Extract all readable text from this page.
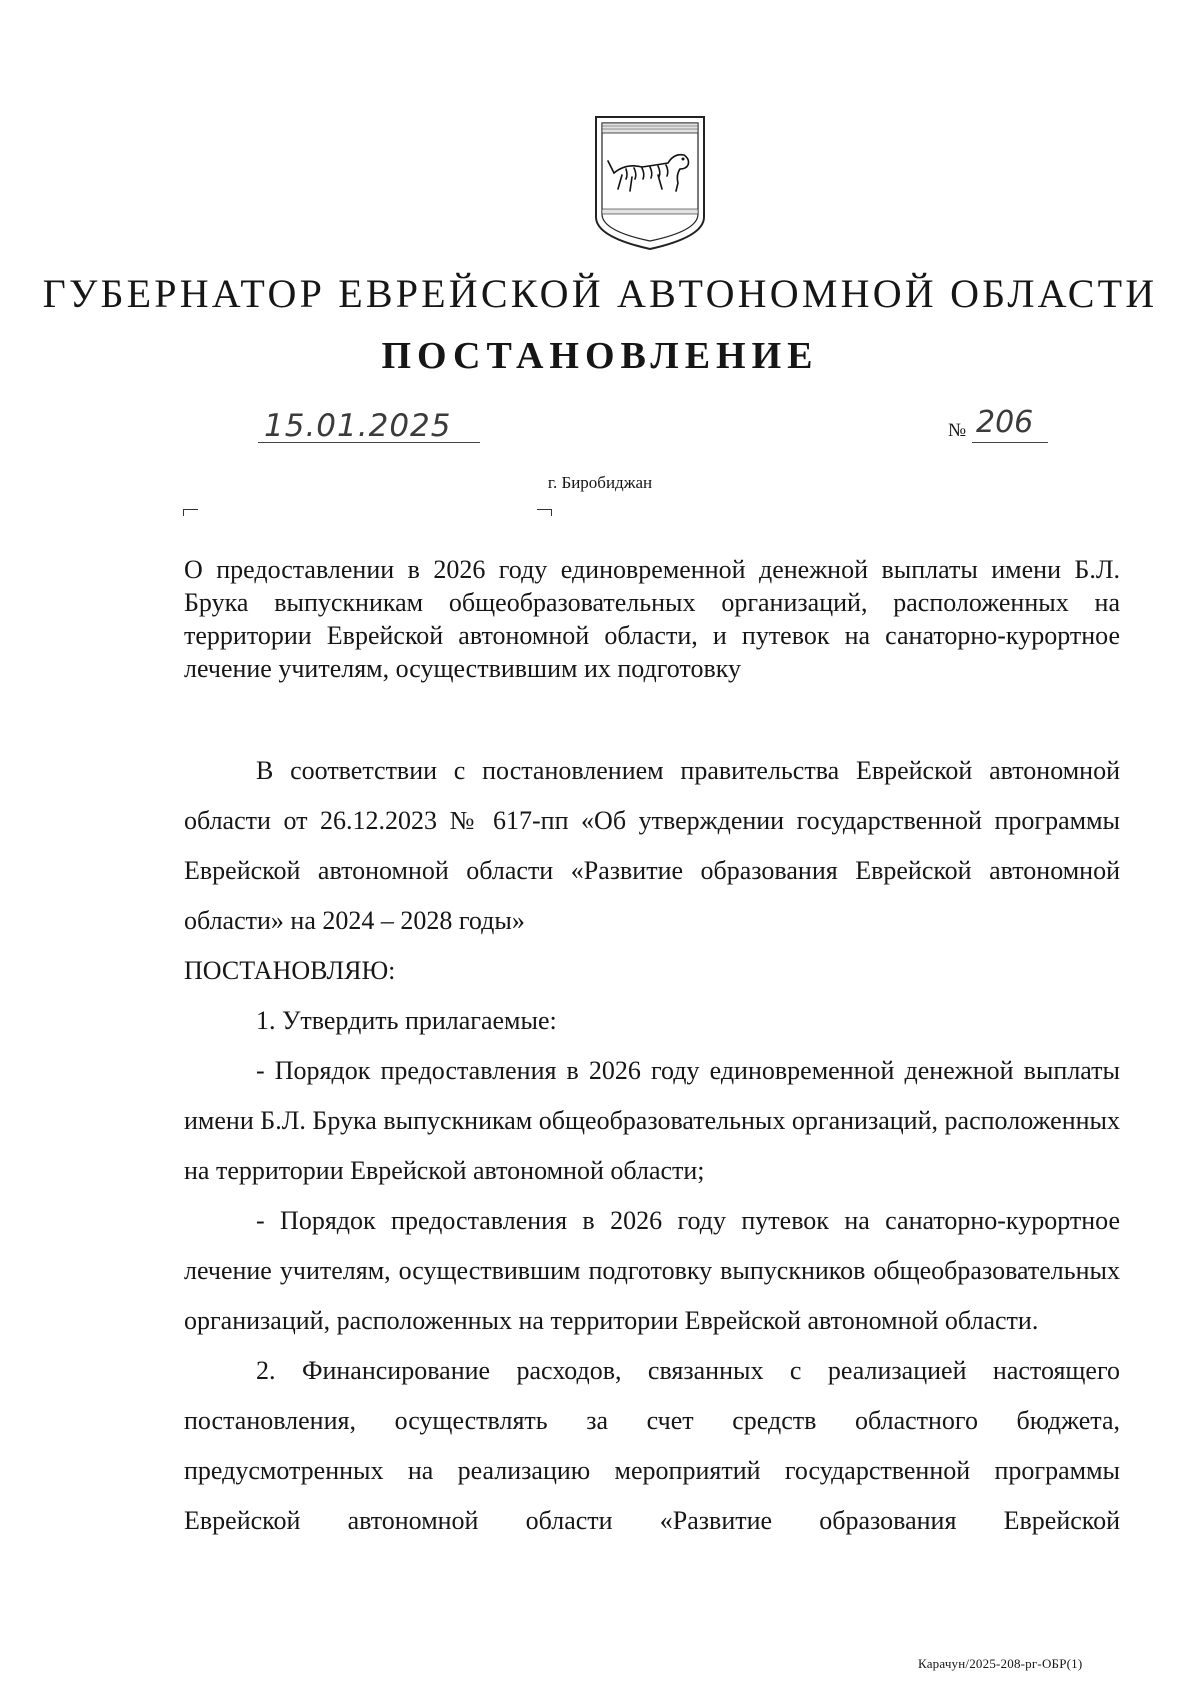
ГУБЕРНАТОР ЕВРЕЙСКОЙ АВТОНОМНОЙ ОБЛАСТИ
ПОСТАНОВЛЕНИЕ
15.01.2025	№ 206
г. Биробиджан
О предоставлении в 2026 году единовременной денежной выплаты имени Б.Л. Брука выпускникам общеобразовательных организаций, расположенных на территории Еврейской автономной области, и путевок на санаторно-курортное лечение учителям, осуществившим их подготовку

В соответствии с постановлением правительства Еврейской автономной области от 26.12.2023 № 617-пп «Об утверждении государственной программы Еврейской автономной области «Развитие образования Еврейской автономной области» на 2024 – 2028 годы»

ПОСТАНОВЛЯЮ:

1. Утвердить прилагаемые:

- Порядок предоставления в 2026 году единовременной денежной выплаты имени Б.Л. Брука выпускникам общеобразовательных организаций, расположенных на территории Еврейской автономной области;

- Порядок предоставления в 2026 году путевок на санаторно-курортное лечение учителям, осуществившим подготовку выпускников общеобразовательных организаций, расположенных на территории Еврейской автономной области.

2. Финансирование расходов, связанных с реализацией настоящего постановления, осуществлять за счет средств областного бюджета, предусмотренных на реализацию мероприятий государственной программы Еврейской автономной области «Развитие образования Еврейской

Карачун/2025-208-рг-ОБР(1)
